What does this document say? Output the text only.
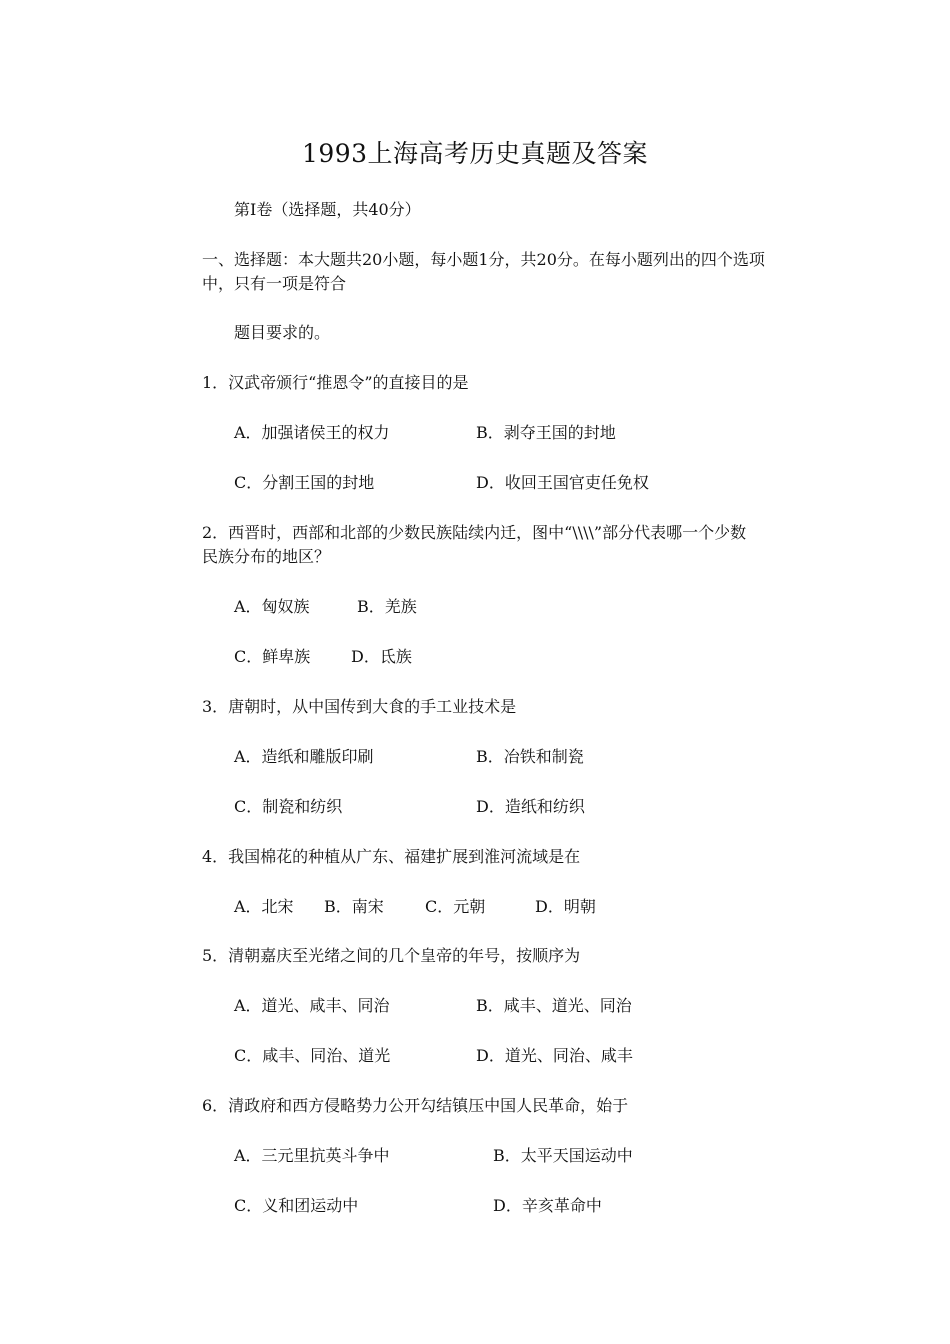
1993上海高考历史真题及答案
第Ⅰ卷（选择题，共40分）
一、选择题：本大题共20小题，每小题1分，共20分。在每小题列出的四个选项
中，只有一项是符合
题目要求的。
1．汉武帝颁行“推恩令”的直接目的是
A．加强诸侯王的权力	B．剥夺王国的封地
C．分割王国的封地	D．收回王国官吏任免权
2．西晋时，西部和北部的少数民族陆续内迁，图中“\\\\”部分代表哪一个少数
民族分布的地区？
A．匈奴族	B．羌族
C．鲜卑族	D．氐族
3．唐朝时，从中国传到大食的手工业技术是
A．造纸和雕版印刷	B．冶铁和制瓷
C．制瓷和纺织	D．造纸和纺织
4．我国棉花的种植从广东、福建扩展到淮河流域是在
A．北宋 B．南宋	C．元朝	D．明朝
5．清朝嘉庆至光绪之间的几个皇帝的年号，按顺序为
A．道光、咸丰、同治	B．咸丰、道光、同治
C．咸丰、同治、道光	D．道光、同治、咸丰
6．清政府和西方侵略势力公开勾结镇压中国人民革命，始于
A．三元里抗英斗争中	B．太平天国运动中
C．义和团运动中	D．辛亥革命中
